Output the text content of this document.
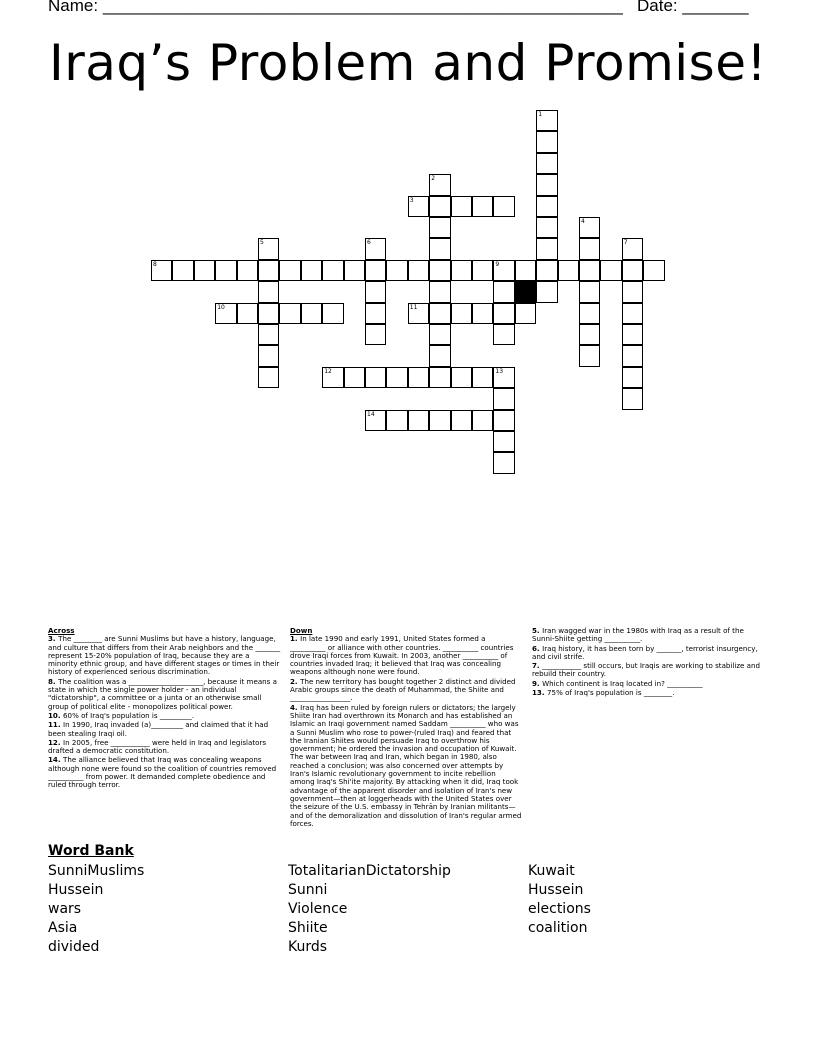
Name: _______________________________________________________ Date: _______
Iraq’s Problem and Promise!
1
2
3
4
5	6	7
8	9
10	11
12	13
14
Across
3. The ________ are Sunni Muslims but have a history, language, and culture that differs from their Arab neighbors and the _______ represent 15-20% population of Iraq, because they are a minority ethnic group, and have different stages or times in their history of experienced serious discrimination.
8. The coalition was a _____________________, because it means a state in which the single power holder - an individual "dictatorship", a committee or a junta or an otherwise small group of political elite - monopolizes political power.
10. 60% of Iraq's population is _________.
11. In 1990, Iraq invaded (a)_________ and claimed that it had been stealing Iraqi oil.
12. In 2005, free ___________ were held in Iraq and legislators drafted a democratic constitution.
14. The alliance believed that Iraq was concealing weapons although none were found so the coalition of countries removed __________ from power. It demanded complete obedience and ruled through terror.
Down
1. In late 1990 and early 1991, United States formed a __________ or alliance with other countries. __________ countries drove Iraqi forces from Kuwait. In 2003, another __________ of countries invaded Iraq; it believed that Iraq was concealing weapons although none were found.
2. The new territory has bought together 2 distinct and divided Arabic groups since the death of Muhammad, the Shiite and _________________.
4. Iraq has been ruled by foreign rulers or dictators; the largely Shiite Iran had overthrown its Monarch and has established an Islamic an Iraqi government named Saddam __________ who was a Sunni Muslim who rose to power-(ruled Iraq) and feared that the Iranian Shiites would persuade Iraq to overthrow his government; he ordered the invasion and occupation of Kuwait. The war between Iraq and Iran, which began in 1980, also reached a conclusion; was also concerned over attempts by Iran's Islamic revolutionary government to incite rebellion among Iraq's Shi'ite majority. By attacking when it did, Iraq took advantage of the apparent disorder and isolation of Iran's new government—then at loggerheads with the United States over the seizure of the U.S. embassy in Tehrān by Iranian militants—and of the demoralization and dissolution of Iran's regular armed forces.
5. Iran wagged war in the 1980s with Iraq as a result of the Sunni-Shiite getting __________.
6. Iraq history, it has been torn by _______, terrorist insurgency, and civil strife.
7. ___________ still occurs, but Iraqis are working to stabilize and rebuild their country.
9. Which continent is Iraq located in? __________
13. 75% of Iraq's population is ________.
Word Bank
SunniMuslims
Hussein
wars
Asia
divided
TotalitarianDictatorship
Sunni
Violence
Shiite
Kurds
Kuwait
Hussein
elections
coalition
